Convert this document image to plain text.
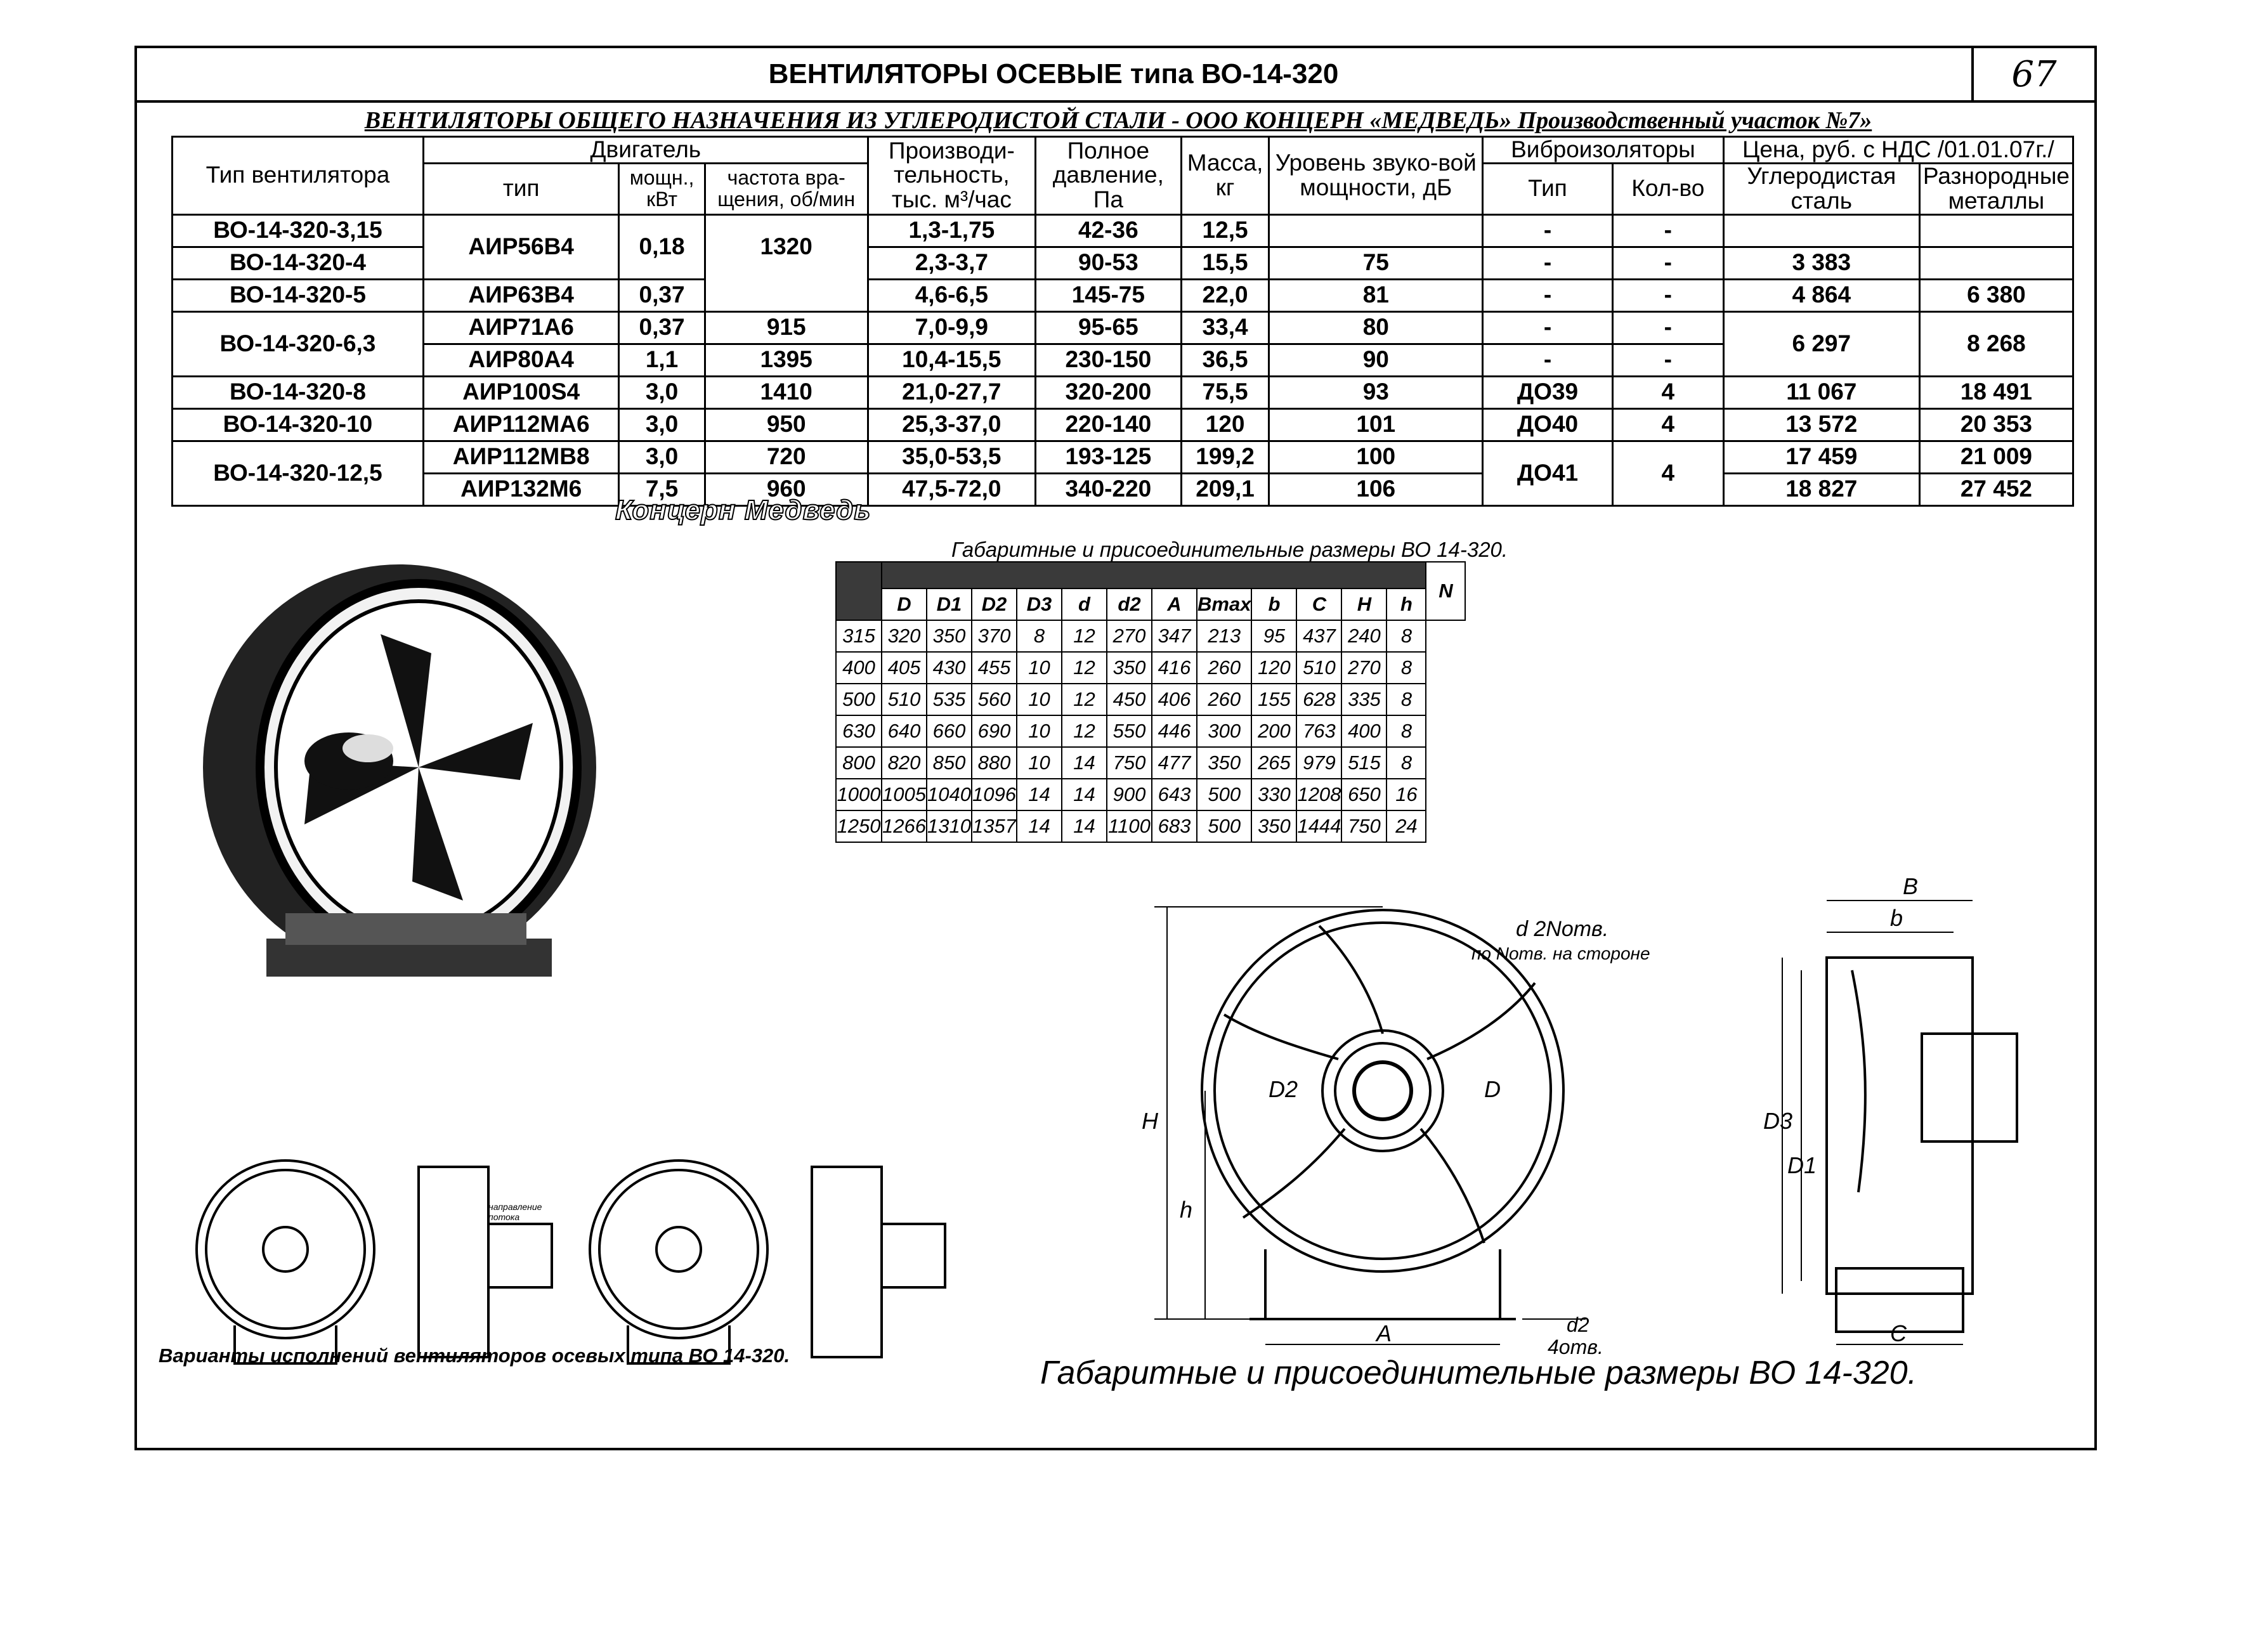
ВЕНТИЛЯТОРЫ ОСЕВЫЕ типа ВО-14-320	67
ВЕНТИЛЯТОРЫ ОБЩЕГО НАЗНАЧЕНИЯ ИЗ УГЛЕРОДИСТОЙ СТАЛИ - ООО КОНЦЕРН «МЕДВЕДЬ» Производственный участок №7»
Тип вентилятора	Двигатель			Производи-тельность, тыс. м³/час	Полное давление, Па	Масса, кг	Уровень звуко-вой мощности, дБ	Виброизоляторы		Цена, руб. с НДС /01.01.07г./	
	тип	мощн., кВт	частота вра-щения, об/мин					Тип	Кол-во	Углеродистая сталь	Разнородные металлы
ВО-14-320-3,15	АИР56В4	0,18	1320	1,3-1,75	42-36	12,5		-	-		
ВО-14-320-4				2,3-3,7	90-53	15,5	75	-	-	3 383	
ВО-14-320-5	АИР63В4	0,37		4,6-6,5	145-75	22,0	81	-	-	4 864	6 380
ВО-14-320-6,3	АИР71А6	0,37	915	7,0-9,9	95-65	33,4	80	-	-	6 297	8 268
	АИР80А4	1,1	1395	10,4-15,5	230-150	36,5	90	-	-		
ВО-14-320-8	АИР100S4	3,0	1410	21,0-27,7	320-200	75,5	93	ДО39	4	11 067	18 491
ВО-14-320-10	АИР112МА6	3,0	950	25,3-37,0	220-140	120	101	ДО40	4	13 572	20 353
ВО-14-320-12,5	АИР112МВ8	3,0	720	35,0-53,5	193-125	199,2	100	ДО41	4	17 459	21 009
	АИР132М6	7,5	960	47,5-72,0	340-220	209,1	106			18 827	27 452
Концерн Медведь
Габаритные и присоединительные размеры ВО 14-320.
													N
	D	D1	D2	D3	d	d2	A	Bmax	b	C	H	h	
315	320	350	370	8	12	270	347	213	95	437	240	8	
400	405	430	455	10	12	350	416	260	120	510	270	8	
500	510	535	560	10	12	450	406	260	155	628	335	8	
630	640	660	690	10	12	550	446	300	200	763	400	8	
800	820	850	880	10	14	750	477	350	265	979	515	8	
1000	1005	1040	1096	14	14	900	643	500	330	1208	650	16	
1250	1266	1310	1357	14	14	1100	683	500	350	1444	750	24	
H
h
A
D2	D
d2
4отв.
d 2Nотв.
по Nотв. на стороне
B
b
C
D3
D1
направление потока
Варианты исполнений вентиляторов осевых типа ВО 14-320.	Габаритные и присоединительные размеры ВО 14-320.
